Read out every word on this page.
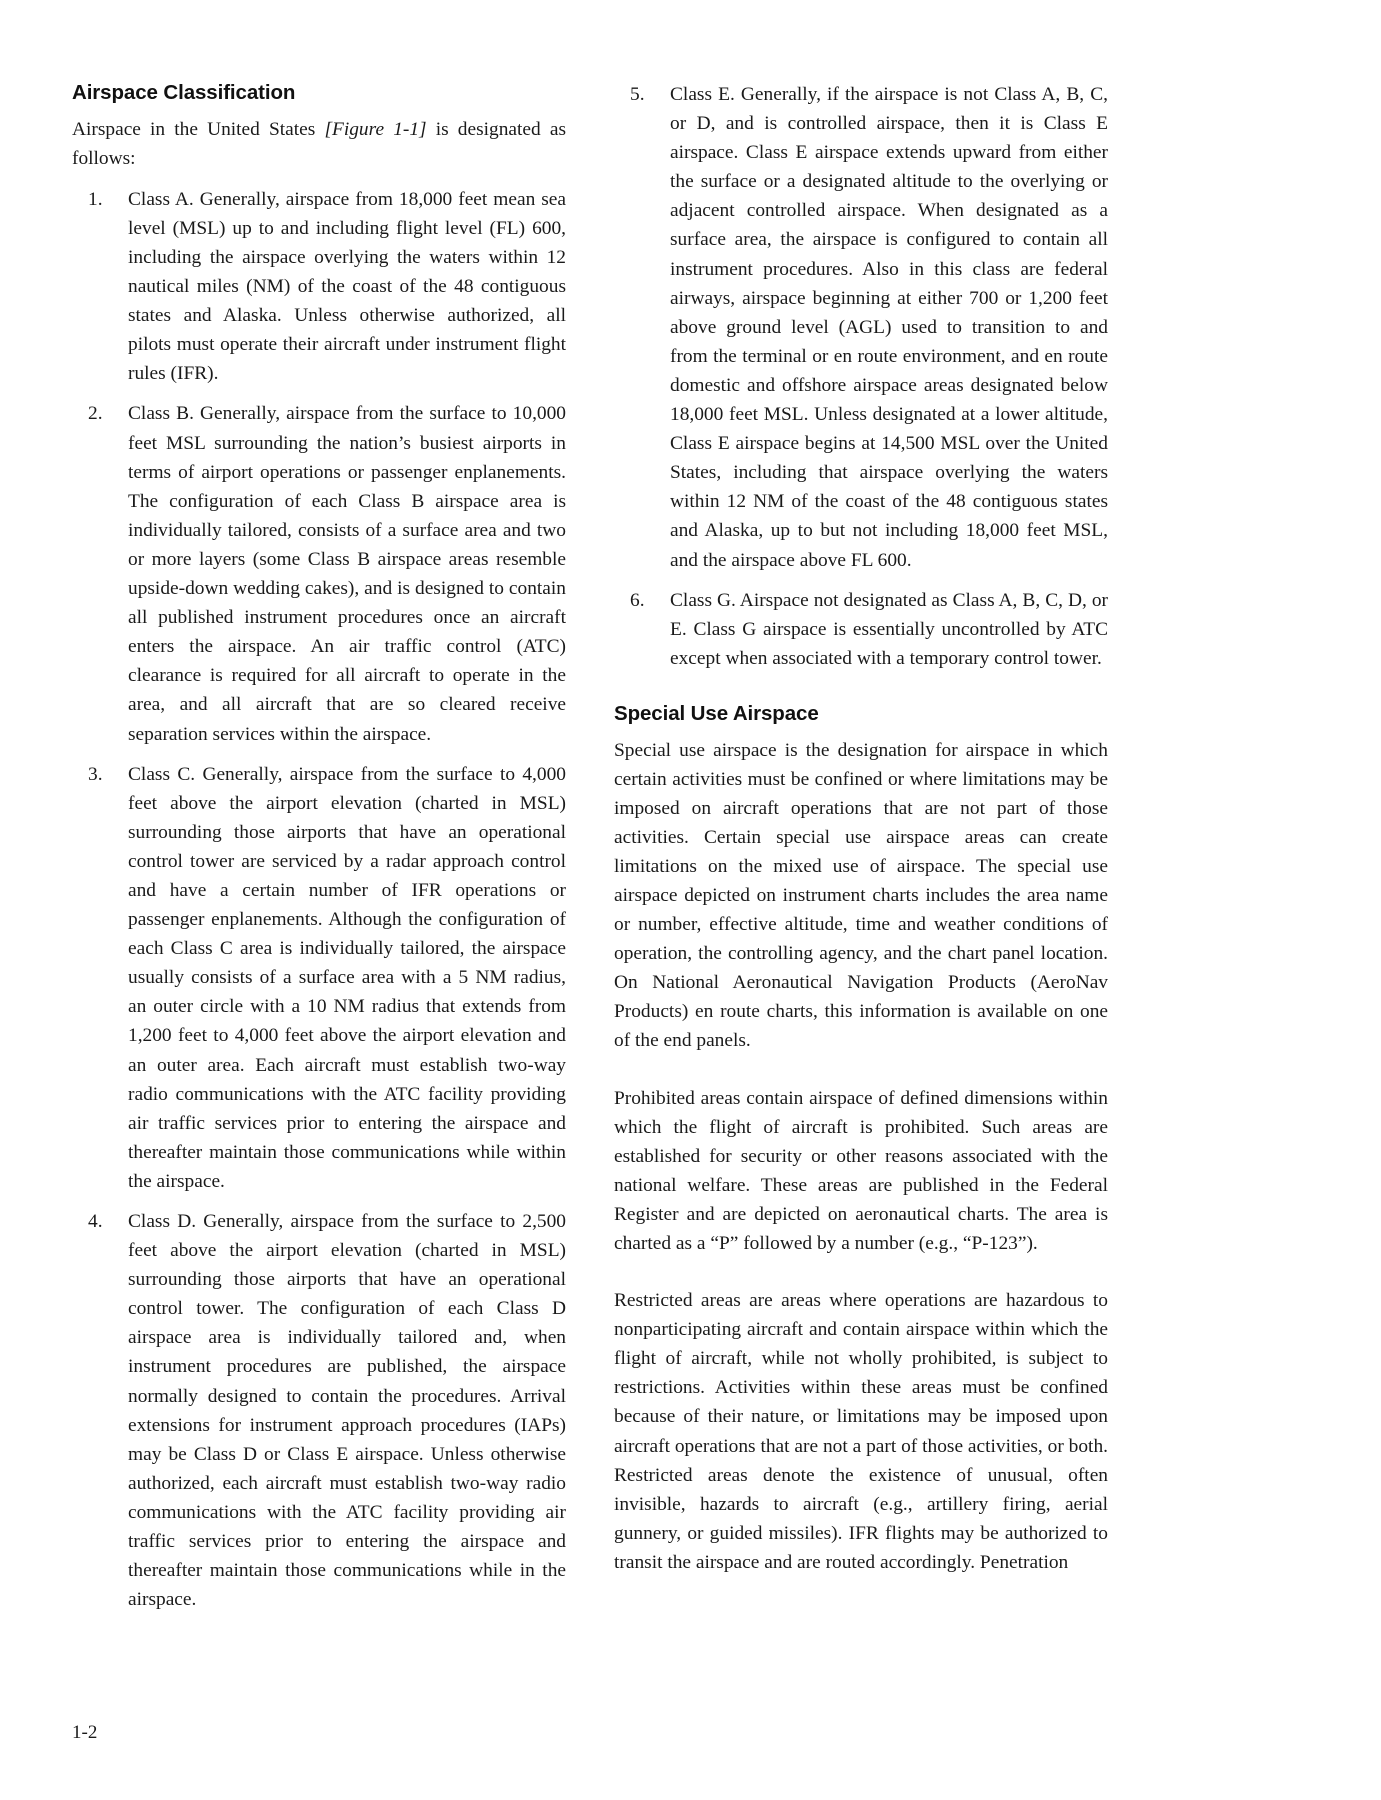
Airspace Classification

Airspace in the United States [Figure 1-1] is designated as follows:

1.	Class A. Generally, airspace from 18,000 feet mean sea level (MSL) up to and including flight level (FL) 600, including the airspace overlying the waters within 12 nautical miles (NM) of the coast of the 48 contiguous states and Alaska. Unless otherwise authorized, all pilots must operate their aircraft under instrument flight rules (IFR).
2.	Class B. Generally, airspace from the surface to 10,000 feet MSL surrounding the nation’s busiest airports in terms of airport operations or passenger enplanements. The configuration of each Class B airspace area is individually tailored, consists of a surface area and two or more layers (some Class B airspace areas resemble upside-down wedding cakes), and is designed to contain all published instrument procedures once an aircraft enters the airspace. An air traffic control (ATC) clearance is required for all aircraft to operate in the area, and all aircraft that are so cleared receive separation services within the airspace.
3.	Class C. Generally, airspace from the surface to 4,000 feet above the airport elevation (charted in MSL) surrounding those airports that have an operational control tower are serviced by a radar approach control and have a certain number of IFR operations or passenger enplanements. Although the configuration of each Class C area is individually tailored, the airspace usually consists of a surface area with a 5 NM radius, an outer circle with a 10 NM radius that extends from 1,200 feet to 4,000 feet above the airport elevation and an outer area. Each aircraft must establish two-way radio communications with the ATC facility providing air traffic services prior to entering the airspace and thereafter maintain those communications while within the airspace.
4.	Class D. Generally, airspace from the surface to 2,500 feet above the airport elevation (charted in MSL) surrounding those airports that have an operational control tower. The configuration of each Class D airspace area is individually tailored and, when instrument procedures are published, the airspace normally designed to contain the procedures. Arrival extensions for instrument approach procedures (IAPs) may be Class D or Class E airspace. Unless otherwise authorized, each aircraft must establish two-way radio communications with the ATC facility providing air traffic services prior to entering the airspace and thereafter maintain those communications while in the airspace.
5.	Class E. Generally, if the airspace is not Class A, B, C, or D, and is controlled airspace, then it is Class E airspace. Class E airspace extends upward from either the surface or a designated altitude to the overlying or adjacent controlled airspace. When designated as a surface area, the airspace is configured to contain all instrument procedures. Also in this class are federal airways, airspace beginning at either 700 or 1,200 feet above ground level (AGL) used to transition to and from the terminal or en route environment, and en route domestic and offshore airspace areas designated below 18,000 feet MSL. Unless designated at a lower altitude, Class E airspace begins at 14,500 MSL over the United States, including that airspace overlying the waters within 12 NM of the coast of the 48 contiguous states and Alaska, up to but not including 18,000 feet MSL, and the airspace above FL 600.
6.	Class G. Airspace not designated as Class A, B, C, D, or E. Class G airspace is essentially uncontrolled by ATC except when associated with a temporary control tower.
Special Use Airspace

Special use airspace is the designation for airspace in which certain activities must be confined or where limitations may be imposed on aircraft operations that are not part of those activities. Certain special use airspace areas can create limitations on the mixed use of airspace. The special use airspace depicted on instrument charts includes the area name or number, effective altitude, time and weather conditions of operation, the controlling agency, and the chart panel location. On National Aeronautical Navigation Products (AeroNav Products) en route charts, this information is available on one of the end panels.

Prohibited areas contain airspace of defined dimensions within which the flight of aircraft is prohibited. Such areas are established for security or other reasons associated with the national welfare. These areas are published in the Federal Register and are depicted on aeronautical charts. The area is charted as a “P” followed by a number (e.g., “P-123”).

Restricted areas are areas where operations are hazardous to nonparticipating aircraft and contain airspace within which the flight of aircraft, while not wholly prohibited, is subject to restrictions. Activities within these areas must be confined because of their nature, or limitations may be imposed upon aircraft operations that are not a part of those activities, or both. Restricted areas denote the existence of unusual, often invisible, hazards to aircraft (e.g., artillery firing, aerial gunnery, or guided missiles). IFR flights may be authorized to transit the airspace and are routed accordingly. Penetration

1-2
